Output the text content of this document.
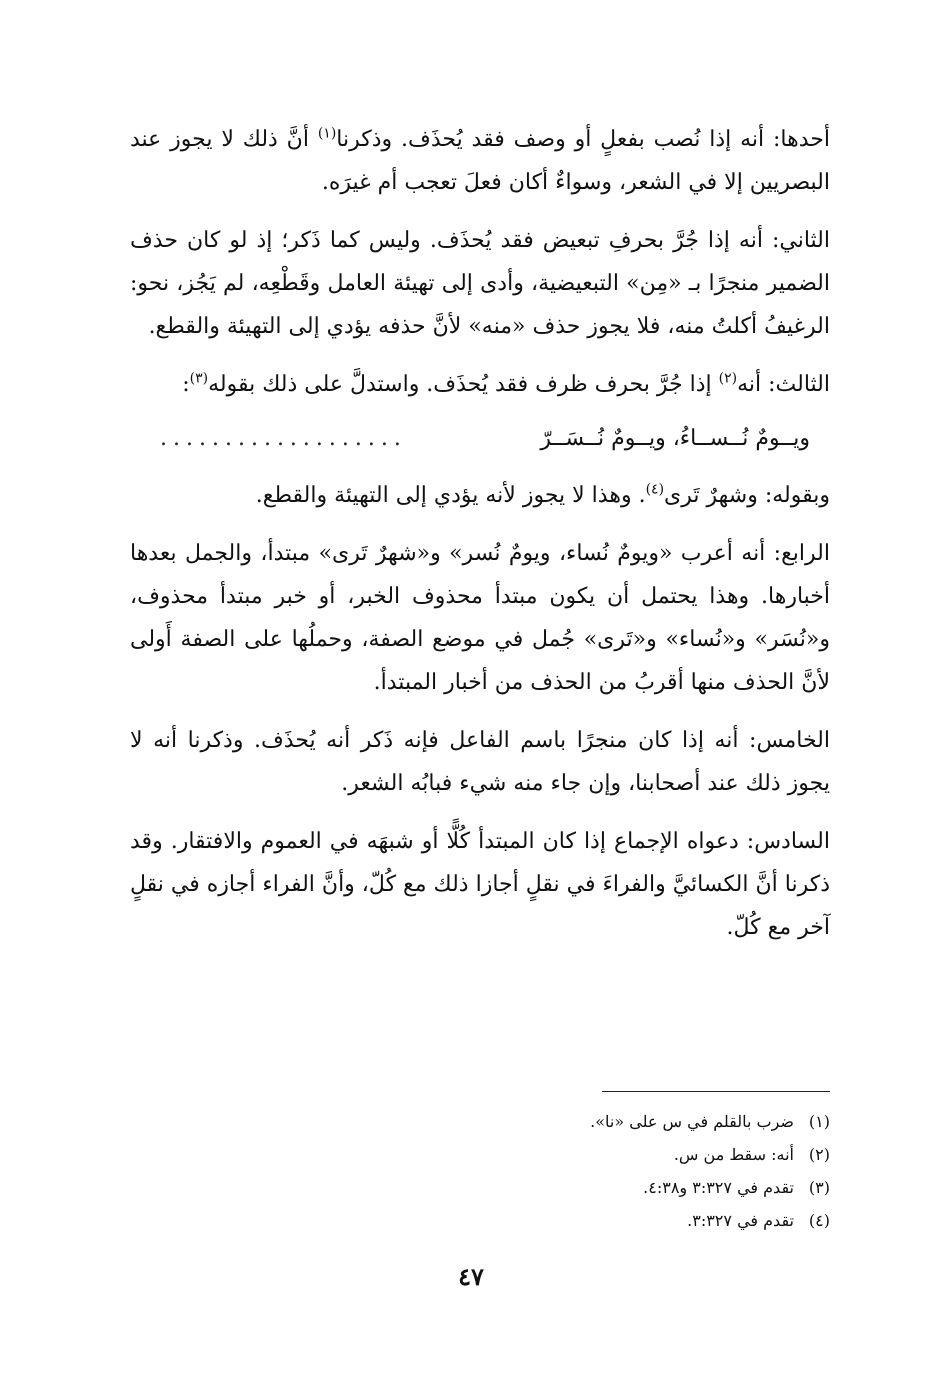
أحدها: أنه إذا نُصب بفعلٍ أو وصف فقد يُحذَف. وذكرنا$^{(١)}$ أنَّ ذلك لا يجوز عند البصريين إلا في الشعر، وسواءٌ أكان فعلَ تعجب أم غيرَه.

الثاني: أنه إذا جُرَّ بحرفِ تبعيض فقد يُحذَف. وليس كما ذَكر؛ إذ لو كان حذف الضمير منجرًا بـ «مِن» التبعيضية، وأدى إلى تهيئة العامل وقَطْعِه، لم يَجُز، نحو: الرغيفُ أكلتُ منه، فلا يجوز حذف «منه» لأنَّ حذفه يؤدي إلى التهيئة والقطع.

الثالث: أنه$^{(٢)}$ إذا جُرَّ بحرف ظرف فقد يُحذَف. واستدلَّ على ذلك بقوله$^{(٣)}$:

ويــومٌ نُــســاءُ، ويــومٌ نُــسَــرّ
...................

وبقوله: وشهرٌ تَرى$^{(٤)}$. وهذا لا يجوز لأنه يؤدي إلى التهيئة والقطع.

الرابع: أنه أعرب «ويومٌ نُساء، ويومٌ نُسر» و«شهرٌ تَرى» مبتدأ، والجمل بعدها أخبارها. وهذا يحتمل أن يكون مبتدأ محذوف الخبر، أو خبر مبتدأ محذوف، و«نُسَر» و«نُساء» و«تَرى» جُمل في موضع الصفة، وحملُها على الصفة أَولى لأنَّ الحذف منها أقربُ من الحذف من أخبار المبتدأ.

الخامس: أنه إذا كان منجرًا باسم الفاعل فإنه ذَكر أنه يُحذَف. وذكرنا أنه لا يجوز ذلك عند أصحابنا، وإن جاء منه شيء فبابُه الشعر.

السادس: دعواه الإجماع إذا كان المبتدأ كُلًّا أو شبهَه في العموم والافتقار. وقد ذكرنا أنَّ الكسائيَّ والفراءَ في نقلٍ أجازا ذلك مع كُلّ، وأنَّ الفراء أجازه في نقلٍ آخر مع كُلّ.

(١)
ضرب بالقلم في س على «نا».
(٢)
أنه: سقط من س.
(٣)
تقدم في ٣:٣٢٧ و٤:٣٨.
(٤)
تقدم في ٣:٣٢٧.
٤٧
